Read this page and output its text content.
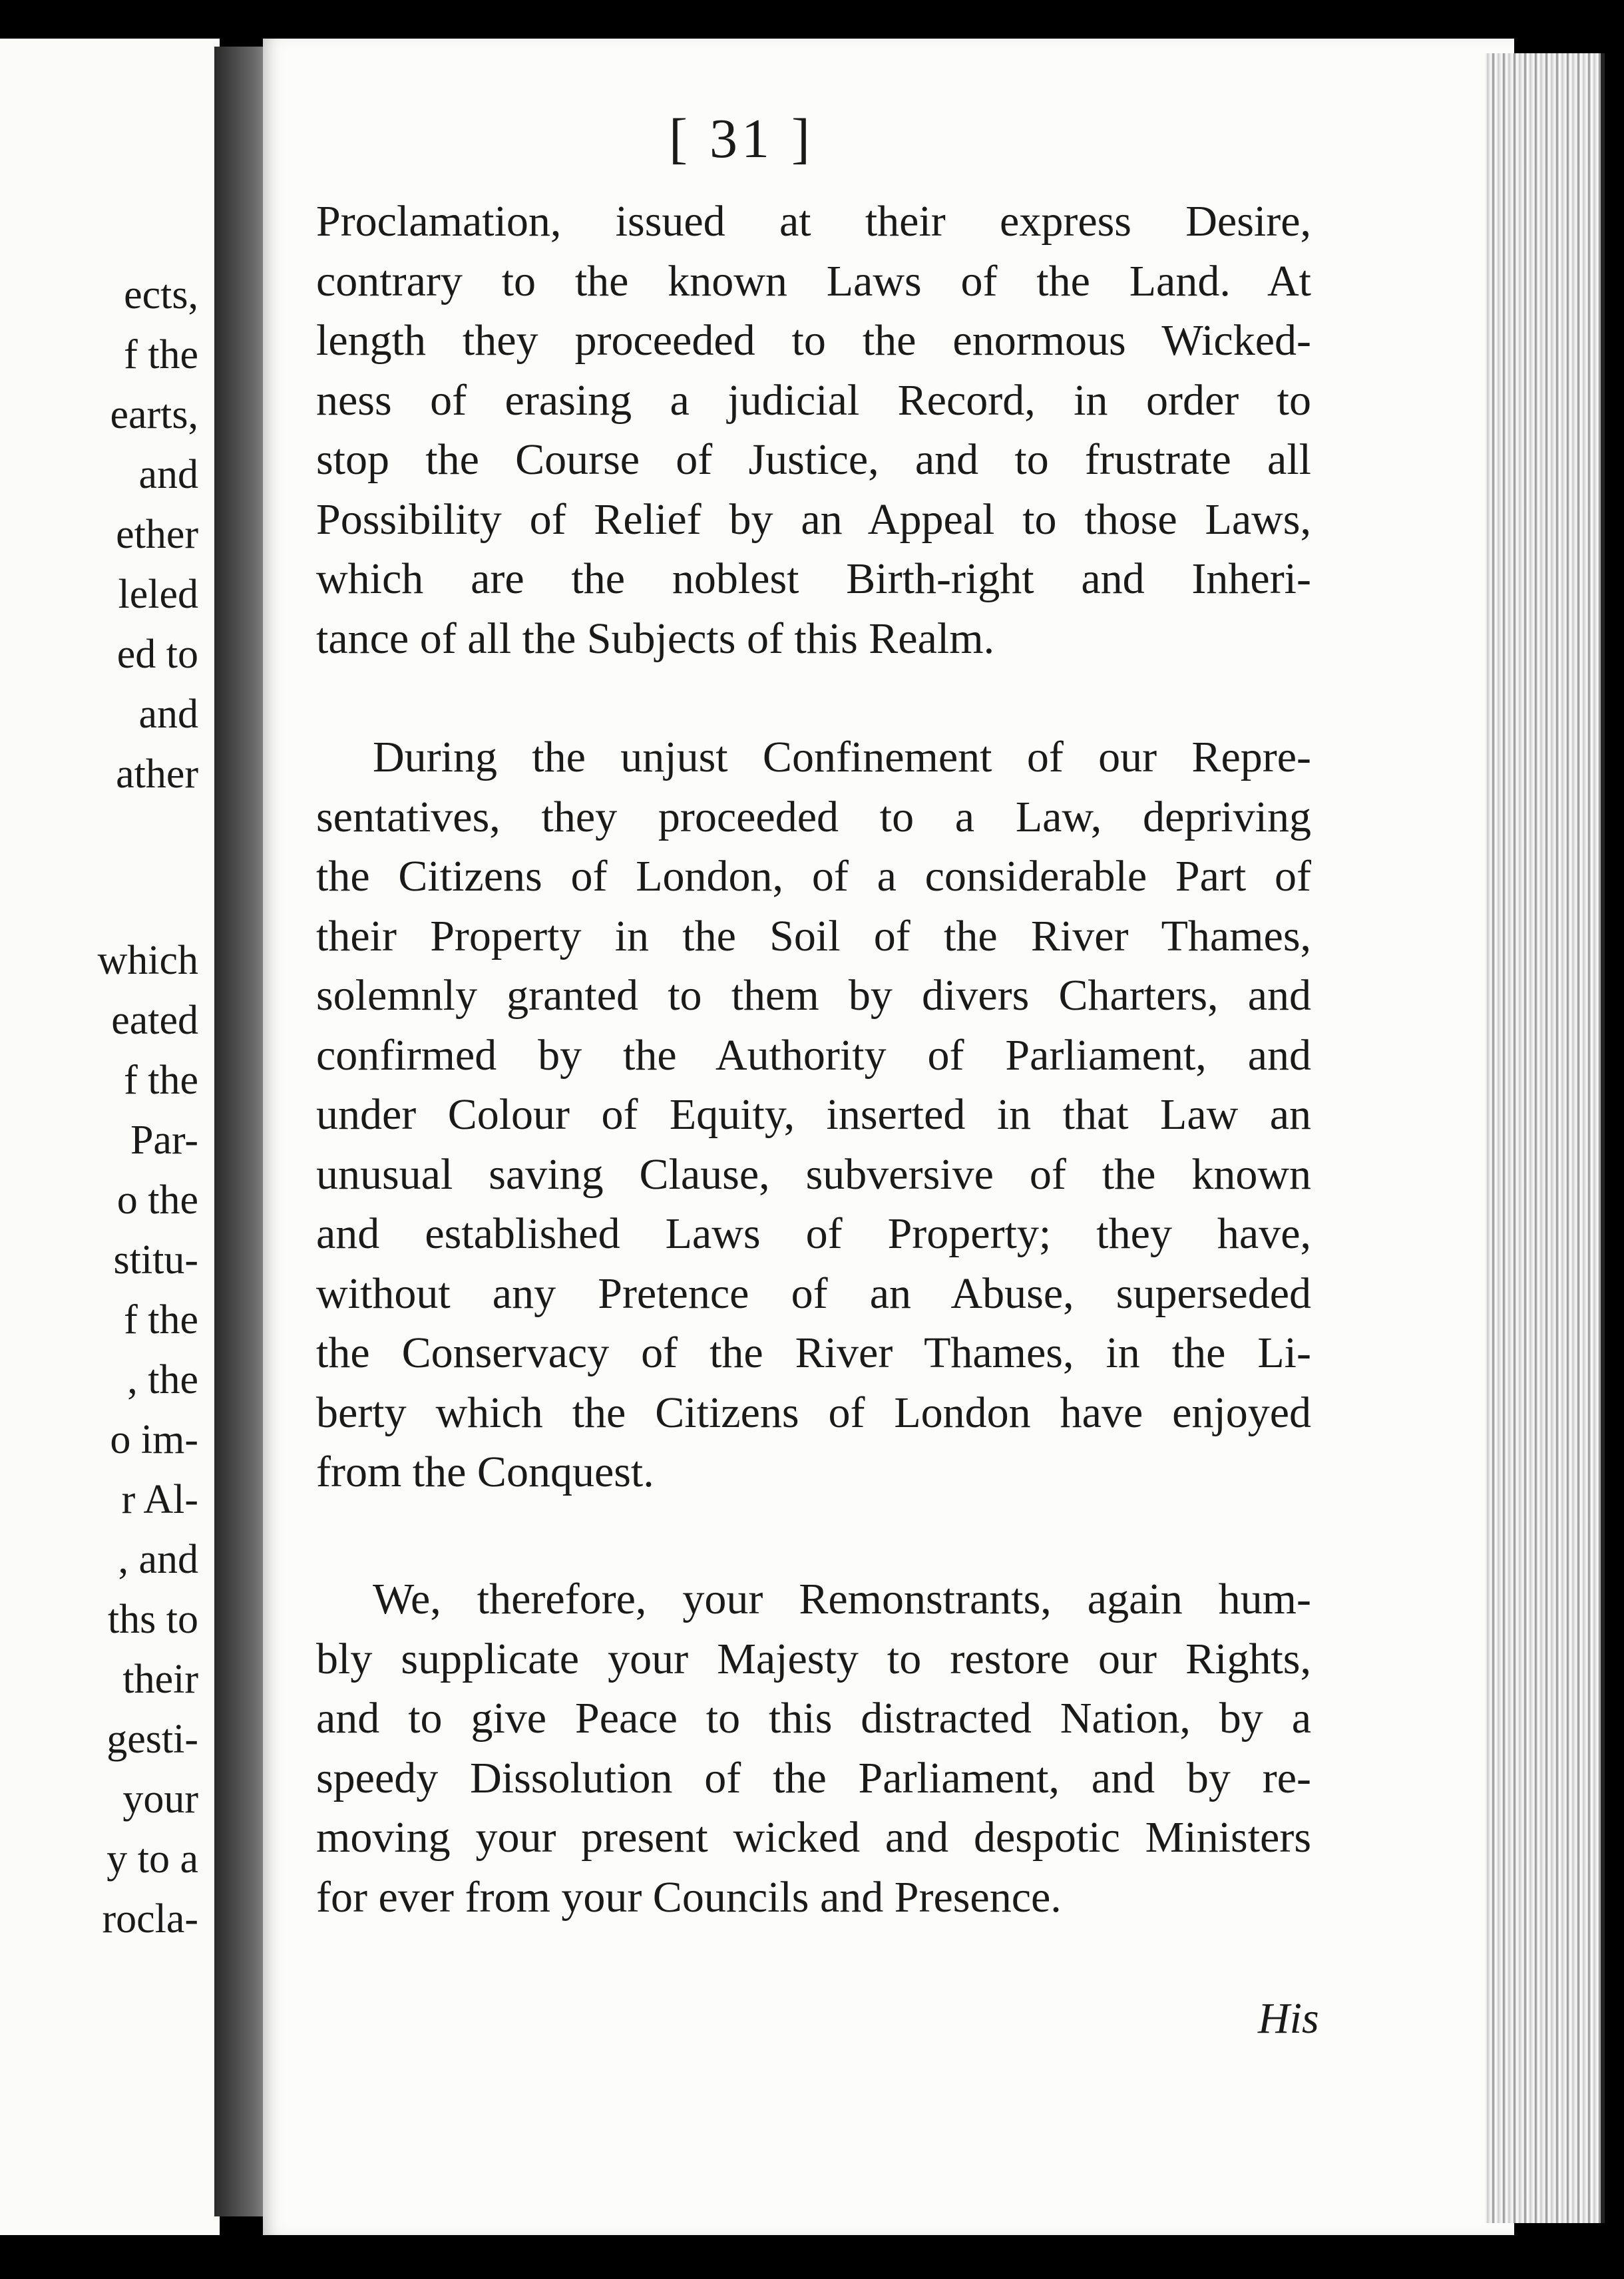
ects,
f the
earts,
and
ether
leled
ed to
and
ather
which
eated
f the
Par-
o the
stitu-
f the
, the
o im-
r Al-
, and
ths to
their
gesti-
your
y to a
rocla-
[ 31 ]
Proclamation, issued at their express Desire,
contrary to the known Laws of the Land. At
length they proceeded to the enormous Wicked-
ness of erasing a judicial Record, in order to
stop the Course of Justice, and to frustrate all
Possibility of Relief by an Appeal to those Laws,
which are the noblest Birth-right and Inheri-
tance of all the Subjects of this Realm.
During the unjust Confinement of our Repre-
sentatives, they proceeded to a Law, depriving
the Citizens of London, of a considerable Part of
their Property in the Soil of the River Thames,
solemnly granted to them by divers Charters, and
confirmed by the Authority of Parliament, and
under Colour of Equity, inserted in that Law an
unusual saving Clause, subversive of the known
and established Laws of Property; they have,
without any Pretence of an Abuse, superseded
the Conservacy of the River Thames, in the Li-
berty which the Citizens of London have enjoyed
from the Conquest.
We, therefore, your Remonstrants, again hum-
bly supplicate your Majesty to restore our Rights,
and to give Peace to this distracted Nation, by a
speedy Dissolution of the Parliament, and by re-
moving your present wicked and despotic Ministers
for ever from your Councils and Presence.
His
